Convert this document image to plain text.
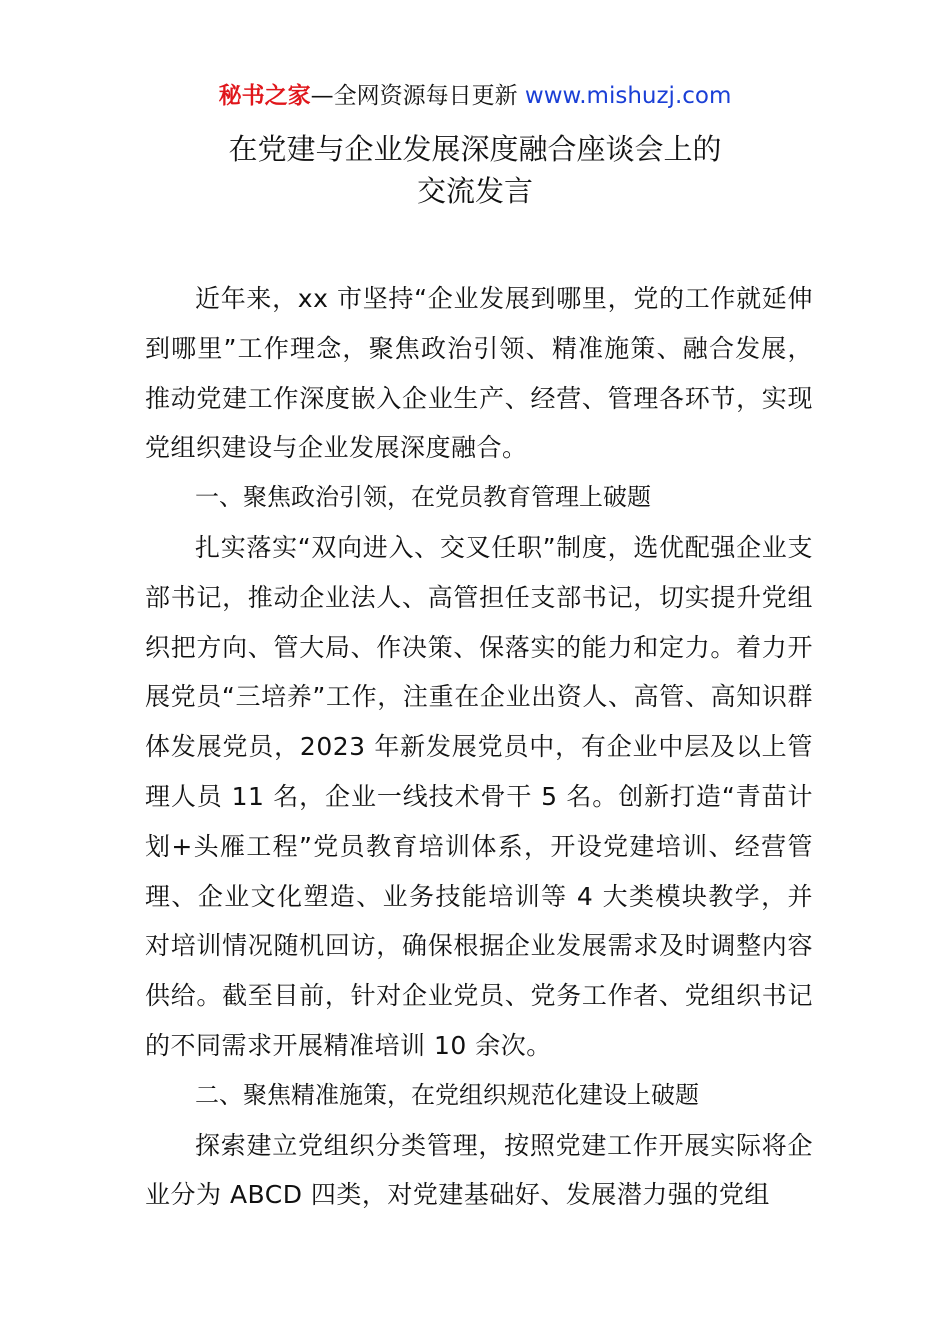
秘书之家—全网资源每日更新 www.mishuzj.com
在党建与企业发展深度融合座谈会上的
交流发言

近年来，xx 市坚持“企业发展到哪里，党的工作就延伸到哪里”工作理念，聚焦政治引领、精准施策、融合发展，推动党建工作深度嵌入企业生产、经营、管理各环节，实现党组织建设与企业发展深度融合。

一、聚焦政治引领，在党员教育管理上破题

扎实落实“双向进入、交叉任职”制度，选优配强企业支部书记，推动企业法人、高管担任支部书记，切实提升党组织把方向、管大局、作决策、保落实的能力和定力。着力开展党员“三培养”工作，注重在企业出资人、高管、高知识群体发展党员，2023 年新发展党员中，有企业中层及以上管理人员 11 名，企业一线技术骨干 5 名。创新打造“青苗计划+头雁工程”党员教育培训体系，开设党建培训、经营管理、企业文化塑造、业务技能培训等 4 大类模块教学，并对培训情况随机回访，确保根据企业发展需求及时调整内容供给。截至目前，针对企业党员、党务工作者、党组织书记的不同需求开展精准培训 10 余次。

二、聚焦精准施策，在党组织规范化建设上破题

探索建立党组织分类管理，按照党建工作开展实际将企业分为 ABCD 四类，对党建基础好、发展潜力强的党组
